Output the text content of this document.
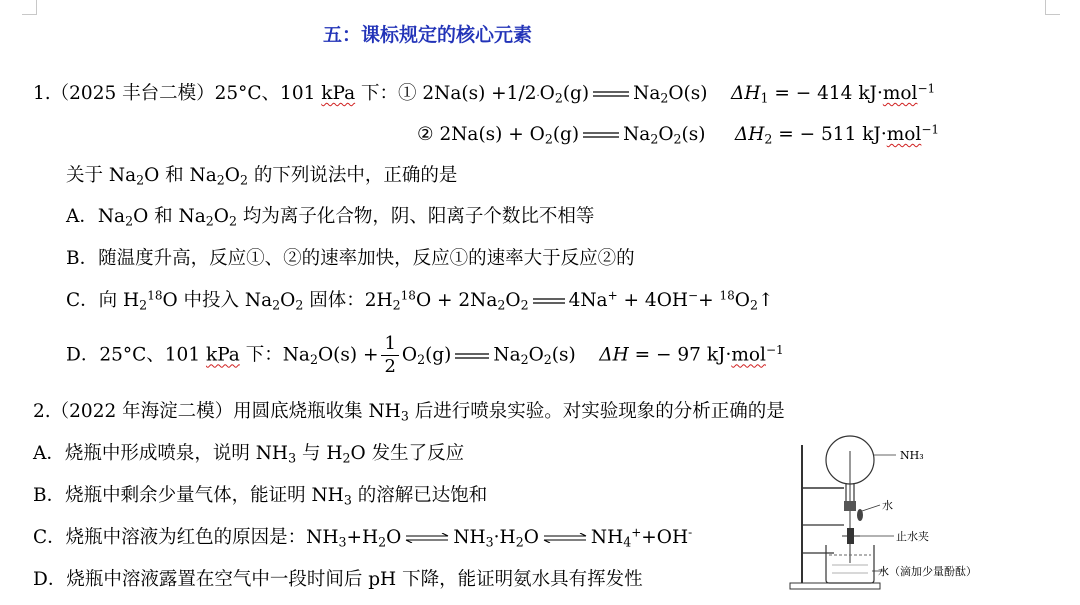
五：课标规定的核心元素
1.（2025 丰台二模）25°C、101 kPa 下：① $2Na(s) +1/2\cdot O_2(g)$ $Na_2O(s)$    $\Delta H_1$ = − 414 kJ·mol$^{-1}$
② $2Na(s) + O_2(g)$ $Na_2O_2(s)$     $\Delta H_2$ = − 511 kJ·mol$^{-1}$
关于 $Na_2O$ 和 $Na_2O_2$ 的下列说法中，正确的是
A．$Na_2O$ 和 $Na_2O_2$ 均为离子化合物，阴、阳离子个数比不相等
B．随温度升高，反应①、②的速率加快，反应①的速率大于反应②的
C．向 $H_2^{18}O$ 中投入 $Na_2O_2$ 固体：$2H_2^{18}O + 2Na_2O_2$ $4Na^+ + 4OH^-+ ^{18}O_2↑$
D．25°C、101 kPa 下：$Na_2O(s) + \frac{1}{2} O_2(g)$ $Na_2O_2(s)$    ΔH = − 97 kJ·mol$^{-1}$
2.（2022 年海淀二模）用圆底烧瓶收集 $NH_3$ 后进行喷泉实验。对实验现象的分析正确的是
A．烧瓶中形成喷泉，说明 $NH_3$ 与 $H_2O$ 发生了反应
B．烧瓶中剩余少量气体，能证明 $NH_3$ 的溶解已达饱和
C．烧瓶中溶液为红色的原因是：$NH_3+H_2O$ ⇌ $NH_3\cdot H_2O$ ⇌ $NH_4^++OH^-$
D．烧瓶中溶液露置在空气中一段时间后 pH 下降，能证明氨水具有挥发性
NH₃
水
止水夹
水（滴加少量酚酞）
